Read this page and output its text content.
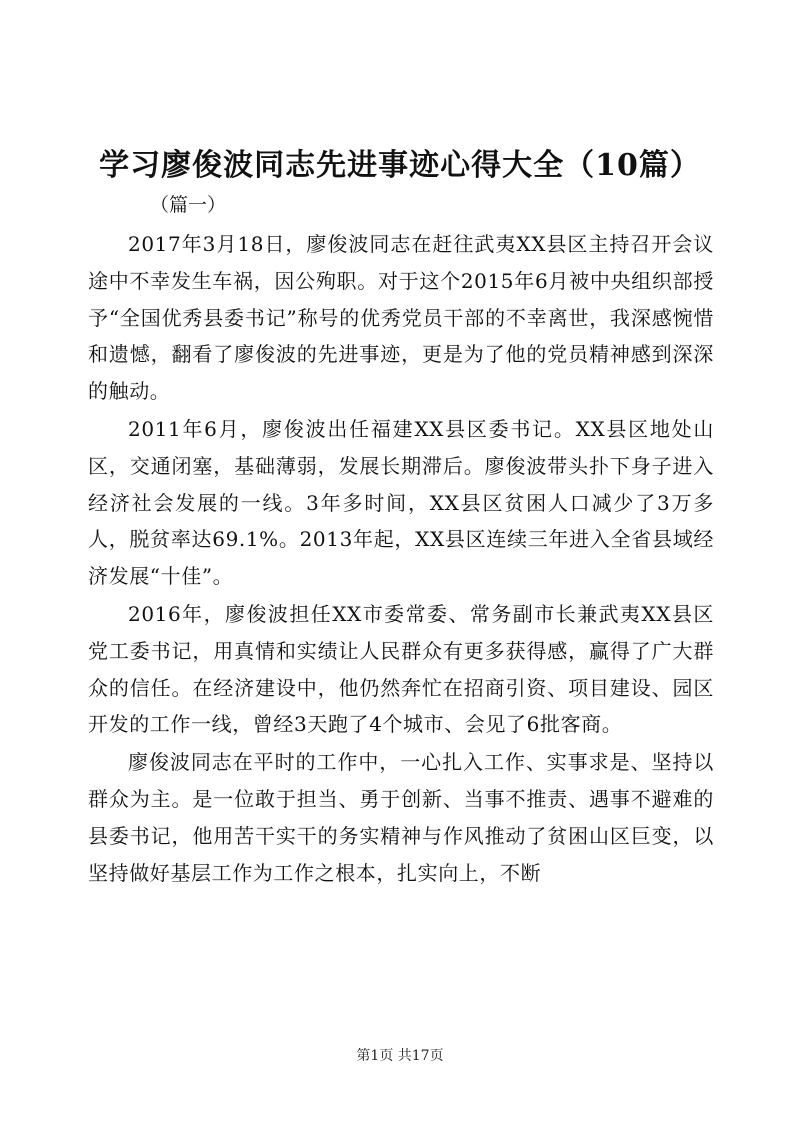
学习廖俊波同志先进事迹心得大全（10篇）

（篇一）

2017年3月18日，廖俊波同志在赶往武夷XX县区主持召开会议途中不幸发生车祸，因公殉职。对于这个2015年6月被中央组织部授予“全国优秀县委书记”称号的优秀党员干部的不幸离世，我深感惋惜和遗憾，翻看了廖俊波的先进事迹，更是为了他的党员精神感到深深的触动。

2011年6月，廖俊波出任福建XX县区委书记。XX县区地处山区，交通闭塞，基础薄弱，发展长期滞后。廖俊波带头扑下身子进入经济社会发展的一线。3年多时间，XX县区贫困人口减少了3万多人，脱贫率达69.1%。2013年起，XX县区连续三年进入全省县域经济发展“十佳”。

2016年，廖俊波担任XX市委常委、常务副市长兼武夷XX县区党工委书记，用真情和实绩让人民群众有更多获得感，赢得了广大群众的信任。在经济建设中，他仍然奔忙在招商引资、项目建设、园区开发的工作一线，曾经3天跑了4个城市、会见了6批客商。

廖俊波同志在平时的工作中，一心扎入工作、实事求是、坚持以群众为主。是一位敢于担当、勇于创新、当事不推责、遇事不避难的县委书记，他用苦干实干的务实精神与作风推动了贫困山区巨变，以坚持做好基层工作为工作之根本，扎实向上，不断

第1页 共17页
